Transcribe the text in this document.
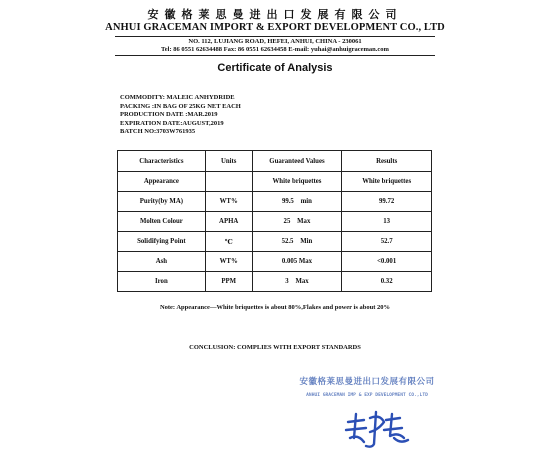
安徽格莱思曼进出口发展有限公司
ANHUI GRACEMAN IMPORT & EXPORT DEVELOPMENT CO., LTD
NO. 112, LUJIANG ROAD, HEFEI, ANHUI, CHINA - 230061
Tel: 86 0551 62634488 Fax: 86 0551 62634458 E-mail: yuhai@anhuigraceman.com
Certificate of Analysis
COMMODITY: MALEIC ANHYDRIDE
PACKING :IN BAG OF 25KG NET EACH
PRODUCTION DATE :MAR.2019
EXPIRATION DATE:AUGUST,2019
BATCH NO:3703W761935
Characteristics	Units	Guaranteed Values	Results
Appearance		White briquettes	White briquettes
Purity(by MA)	WT%	99.5    min	99.72
Molten Colour	APHA	25    Max	13
Solidifying Point	℃	52.5    Min	52.7
Ash	WT%	0.005 Max	<0.001
Iron	PPM	3    Max	0.32
Note: Appearance—White briquettes is about 80%,Flakes and power is about 20%
CONCLUSION: COMPLIES WITH EXPORT STANDARDS
安徽格莱思曼进出口发展有限公司
ANHUI GRACEMAN IMP & EXP DEVELOPMENT CO.,LTD
